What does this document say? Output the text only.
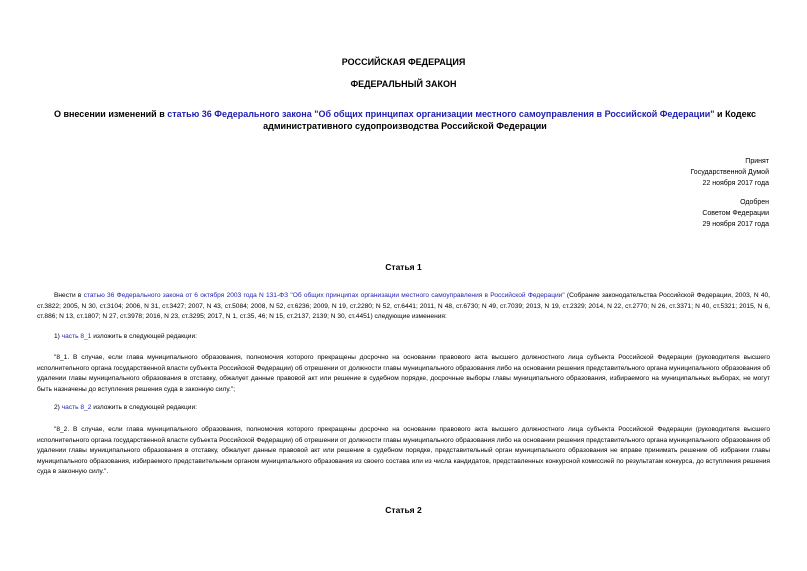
РОССИЙСКАЯ ФЕДЕРАЦИЯ
ФЕДЕРАЛЬНЫЙ ЗАКОН
О внесении изменений в статью 36 Федерального закона "Об общих принципах организации местного самоуправления в Российской Федерации" и Кодекс административного судопроизводства Российской Федерации
Принят
Государственной Думой
22 ноября 2017 года
Одобрен
Советом Федерации
29 ноября 2017 года
Статья 1
Внести в статью 36 Федерального закона от 6 октября 2003 года N 131-ФЗ "Об общих принципах организации местного самоуправления в Российской Федерации" (Собрание законодательства Российской Федерации, 2003, N 40, ст.3822; 2005, N 30, ст.3104; 2006, N 31, ст.3427; 2007, N 43, ст.5084; 2008, N 52, ст.6236; 2009, N 19, ст.2280; N 52, ст.6441; 2011, N 48, ст.6730; N 49, ст.7039; 2013, N 19, ст.2329; 2014, N 22, ст.2770; N 26, ст.3371; N 40, ст.5321; 2015, N 6, ст.886; N 13, ст.1807; N 27, ст.3978; 2016, N 23, ст.3295; 2017, N 1, ст.35, 46; N 15, ст.2137, 2139; N 30, ст.4451) следующие изменения:
1) часть 8_1 изложить в следующей редакции:
"8_1. В случае, если глава муниципального образования, полномочия которого прекращены досрочно на основании правового акта высшего должностного лица субъекта Российской Федерации (руководителя высшего исполнительного органа государственной власти субъекта Российской Федерации) об отрешении от должности главы муниципального образования либо на основании решения представительного органа муниципального образования об удалении главы муниципального образования в отставку, обжалует данные правовой акт или решение в судебном порядке, досрочные выборы главы муниципального образования, избираемого на муниципальных выборах, не могут быть назначены до вступления решения суда в законную силу.";
2) часть 8_2 изложить в следующей редакции:
"8_2. В случае, если глава муниципального образования, полномочия которого прекращены досрочно на основании правового акта высшего должностного лица субъекта Российской Федерации (руководителя высшего исполнительного органа государственной власти субъекта Российской Федерации) об отрешении от должности главы муниципального образования либо на основании решения представительного органа муниципального образования об удалении главы муниципального образования в отставку, обжалует данные правовой акт или решение в судебном порядке, представительный орган муниципального образования не вправе принимать решение об избрании главы муниципального образования, избираемого представительным органом муниципального образования из своего состава или из числа кандидатов, представленных конкурсной комиссией по результатам конкурса, до вступления решения суда в законную силу.".
Статья 2
